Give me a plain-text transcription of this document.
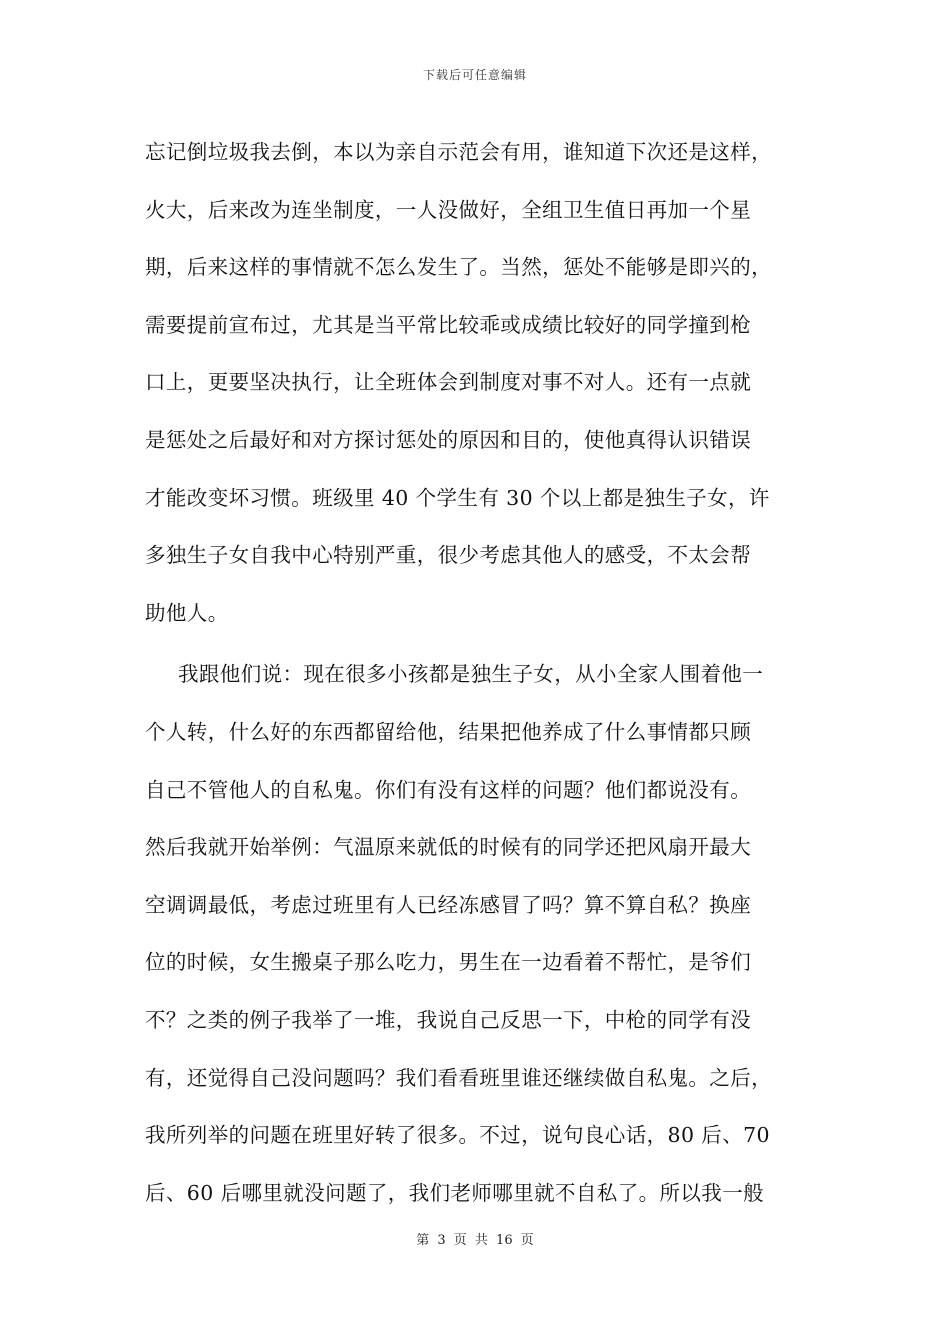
下载后可任意编辑
忘记倒垃圾我去倒，本以为亲自示范会有用，谁知道下次还是这样，
火大，后来改为连坐制度，一人没做好，全组卫生值日再加一个星
期，后来这样的事情就不怎么发生了。当然，惩处不能够是即兴的，
需要提前宣布过，尤其是当平常比较乖或成绩比较好的同学撞到枪
口上，更要坚决执行，让全班体会到制度对事不对人。还有一点就
是惩处之后最好和对方探讨惩处的原因和目的，使他真得认识错误
才能改变坏习惯。班级里 40 个学生有 30 个以上都是独生子女，许
多独生子女自我中心特别严重，很少考虑其他人的感受，不太会帮
助他人。
我跟他们说：现在很多小孩都是独生子女，从小全家人围着他一
个人转，什么好的东西都留给他，结果把他养成了什么事情都只顾
自己不管他人的自私鬼。你们有没有这样的问题？他们都说没有。
然后我就开始举例：气温原来就低的时候有的同学还把风扇开最大
空调调最低，考虑过班里有人已经冻感冒了吗？算不算自私？换座
位的时候，女生搬桌子那么吃力，男生在一边看着不帮忙，是爷们
不？之类的例子我举了一堆，我说自己反思一下，中枪的同学有没
有，还觉得自己没问题吗？我们看看班里谁还继续做自私鬼。之后，
我所列举的问题在班里好转了很多。不过，说句良心话，80 后、70
后、60 后哪里就没问题了，我们老师哪里就不自私了。所以我一般
第 3 页 共 16 页
